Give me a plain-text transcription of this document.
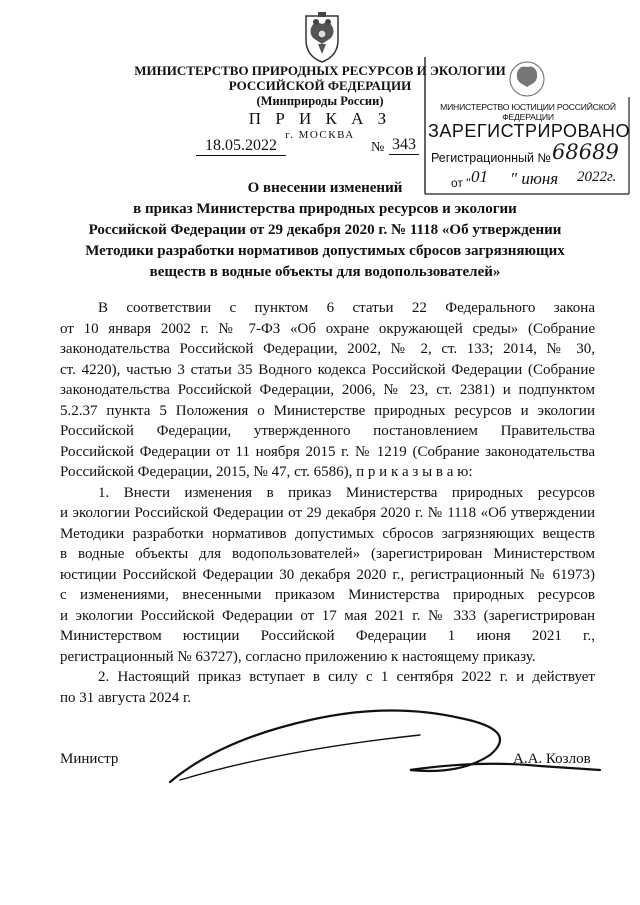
МИНИСТЕРСТВО ПРИРОДНЫХ РЕСУРСОВ И ЭКОЛОГИИ
РОССИЙСКОЙ ФЕДЕРАЦИИ
(Минприроды России)
П Р И К А З
г. МОСКВА
18.05.2022	№ 343
МИНИСТЕРСТВО ЮСТИЦИИ РОССИЙСКОЙ ФЕДЕРАЦИИ
ЗАРЕГИСТРИРОВАНО
Регистрационный № 68689
от " 01 " июня 2022г.
О внесении изменений
в приказ Министерства природных ресурсов и экологии
Российской Федерации от 29 декабря 2020 г. № 1118 «Об утверждении
Методики разработки нормативов допустимых сбросов загрязняющих
веществ в водные объекты для водопользователей»
В соответствии с пунктом 6 статьи 22 Федерального закона
от 10 января 2002 г. № 7-ФЗ «Об охране окружающей среды» (Собрание
законодательства Российской Федерации, 2002, № 2, ст. 133; 2014, № 30,
ст. 4220), частью 3 статьи 35 Водного кодекса Российской Федерации (Собрание
законодательства Российской Федерации, 2006, № 23, ст. 2381) и подпунктом
5.2.37 пункта 5 Положения о Министерстве природных ресурсов и экологии
Российской Федерации, утвержденного постановлением Правительства
Российской Федерации от 11 ноября 2015 г. № 1219 (Собрание законодательства
Российской Федерации, 2015, № 47, ст. 6586), п р и к а з ы в а ю:
1. Внести изменения в приказ Министерства природных ресурсов
и экологии Российской Федерации от 29 декабря 2020 г. № 1118 «Об утверждении
Методики разработки нормативов допустимых сбросов загрязняющих веществ
в водные объекты для водопользователей» (зарегистрирован Министерством
юстиции Российской Федерации 30 декабря 2020 г., регистрационный № 61973)
с изменениями, внесенными приказом Министерства природных ресурсов
и экологии Российской Федерации от 17 мая 2021 г. № 333 (зарегистрирован
Министерством юстиции Российской Федерации 1 июня 2021 г.,
регистрационный № 63727), согласно приложению к настоящему приказу.
2. Настоящий приказ вступает в силу с 1 сентября 2022 г. и действует
по 31 августа 2024 г.
Министр	А.А. Козлов
